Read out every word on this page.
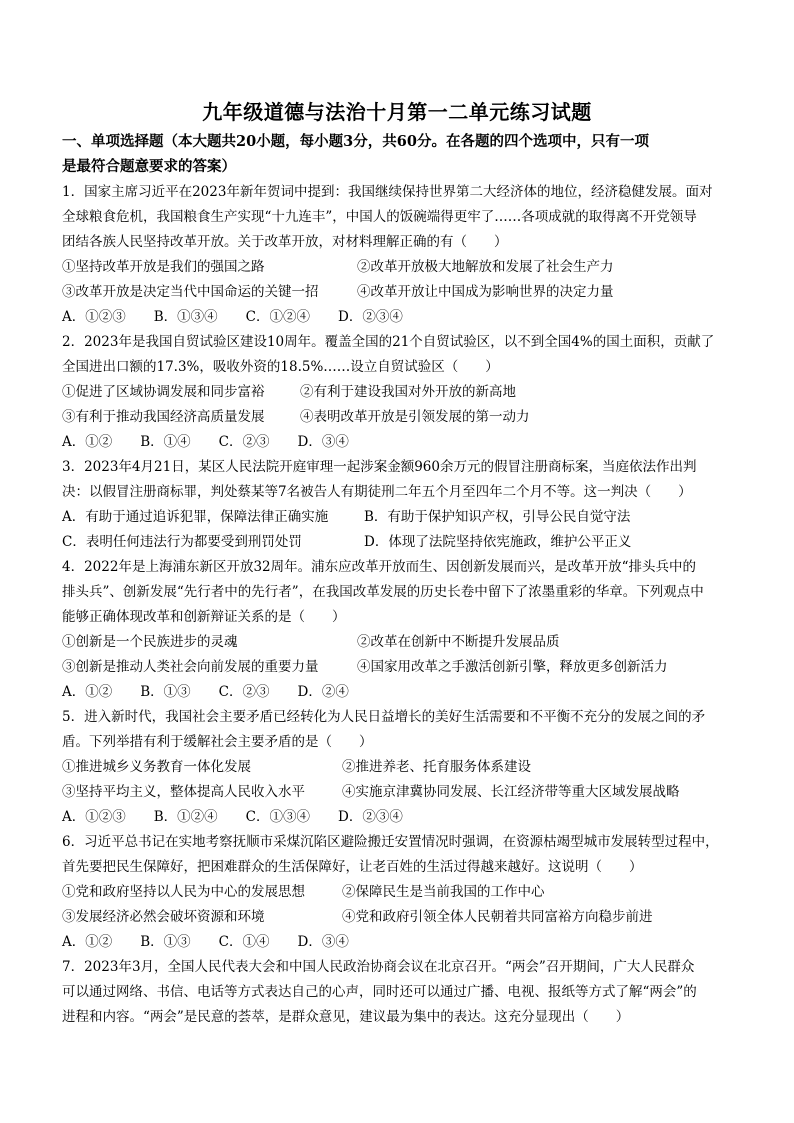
九年级道德与法治十月第一二单元练习试题
一、单项选择题（本大题共20小题，每小题3分，共60分。在各题的四个选项中，只有一项
是最符合题意要求的答案）
1．国家主席习近平在2023年新年贺词中提到：我国继续保持世界第二大经济体的地位，经济稳健发展。面对
全球粮食危机，我国粮食生产实现“十九连丰”，中国人的饭碗端得更牢了……各项成就的取得离不开党领导
团结各族人民坚持改革开放。关于改革开放，对材料理解正确的有（　　）
①坚持改革开放是我们的强国之路	②改革开放极大地解放和发展了社会生产力
③改革开放是决定当代中国命运的关键一招	④改革开放让中国成为影响世界的决定力量
A．①②③ B．①③④ C．①②④ D．②③④
2．2023年是我国自贸试验区建设10周年。覆盖全国的21个自贸试验区，以不到全国4%的国土面积，贡献了
全国进出口额的17.3%，吸收外资的18.5%……设立自贸试验区（　　）
①促进了区域协调发展和同步富裕	②有利于建设我国对外开放的新高地
③有利于推动我国经济高质量发展	④表明改革开放是引领发展的第一动力
A．①② B．①④ C．②③ D．③④
3．2023年4月21日，某区人民法院开庭审理一起涉案金额960余万元的假冒注册商标案，当庭依法作出判
决：以假冒注册商标罪，判处蔡某等7名被告人有期徒刑二年五个月至四年二个月不等。这一判决（　　）
A．有助于通过追诉犯罪，保障法律正确实施	B．有助于保护知识产权，引导公民自觉守法
C．表明任何违法行为都要受到刑罚处罚	D．体现了法院坚持依宪施政，维护公平正义
4．2022年是上海浦东新区开放32周年。浦东应改革开放而生、因创新发展而兴，是改革开放“排头兵中的
排头兵”、创新发展“先行者中的先行者”，在我国改革发展的历史长卷中留下了浓墨重彩的华章。下列观点中
能够正确体现改革和创新辩证关系的是（　　）
①创新是一个民族进步的灵魂	②改革在创新中不断提升发展品质
③创新是推动人类社会向前发展的重要力量	④国家用改革之手激活创新引擎，释放更多创新活力
A．①② B．①③ C．②③ D．②④
5．进入新时代，我国社会主要矛盾已经转化为人民日益增长的美好生活需要和不平衡不充分的发展之间的矛
盾。下列举措有利于缓解社会主要矛盾的是（　　）
①推进城乡义务教育一体化发展	②推进养老、托育服务体系建设
③坚持平均主义，整体提高人民收入水平	④实施京津冀协同发展、长江经济带等重大区域发展战略
A．①②③ B．①②④ C．①③④ D．②③④
6．习近平总书记在实地考察抚顺市采煤沉陷区避险搬迁安置情况时强调，在资源枯竭型城市发展转型过程中，
首先要把民生保障好，把困难群众的生活保障好，让老百姓的生活过得越来越好。这说明（　　）
①党和政府坚持以人民为中心的发展思想	②保障民生是当前我国的工作中心
③发展经济必然会破坏资源和环境	④党和政府引领全体人民朝着共同富裕方向稳步前进
A．①② B．①③ C．①④ D．③④
7．2023年3月，全国人民代表大会和中国人民政治协商会议在北京召开。“两会”召开期间，广大人民群众
可以通过网络、书信、电话等方式表达自己的心声，同时还可以通过广播、电视、报纸等方式了解“两会”的
进程和内容。“两会”是民意的荟萃，是群众意见，建议最为集中的表达。这充分显现出（　　）
